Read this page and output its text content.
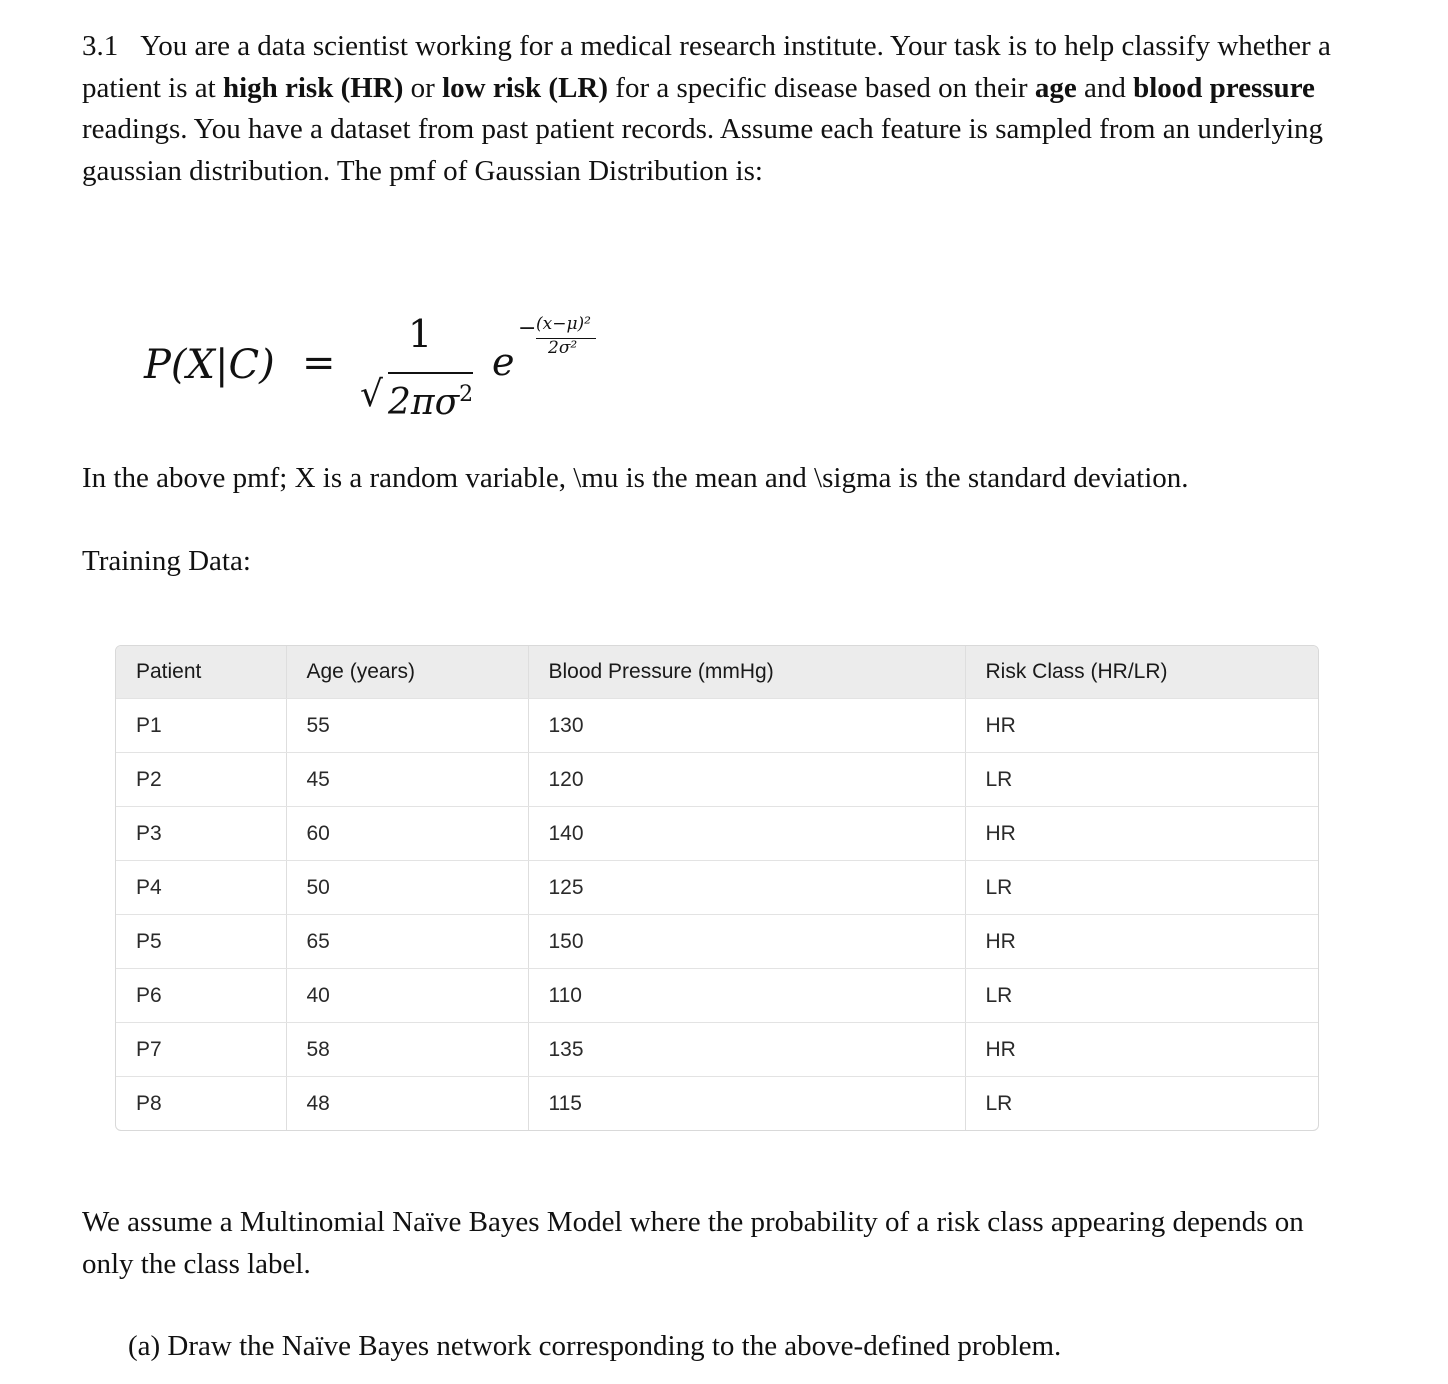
3.1 You are a data scientist working for a medical research institute. Your task is to help classify whether a patient is at high risk (HR) or low risk (LR) for a specific disease based on their age and blood pressure readings. You have a dataset from past patient records. Assume each feature is sampled from an underlying gaussian distribution. The pmf of Gaussian Distribution is:

P(X|C) =
1
√ $2\pi\sigma^2$
e
− (x−μ)²
2σ²

In the above pmf; X is a random variable, \mu is the mean and \sigma is the standard deviation.

Training Data:

Patient	Age (years)	Blood Pressure (mmHg)	Risk Class (HR/LR)
P1	55	130	HR
P2	45	120	LR
P3	60	140	HR
P4	50	125	LR
P5	65	150	HR
P6	40	110	LR
P7	58	135	HR
P8	48	115	LR

We assume a Multinomial Naïve Bayes Model where the probability of a risk class appearing depends on only the class label.

(a) Draw the Naïve Bayes network corresponding to the above-defined problem.
